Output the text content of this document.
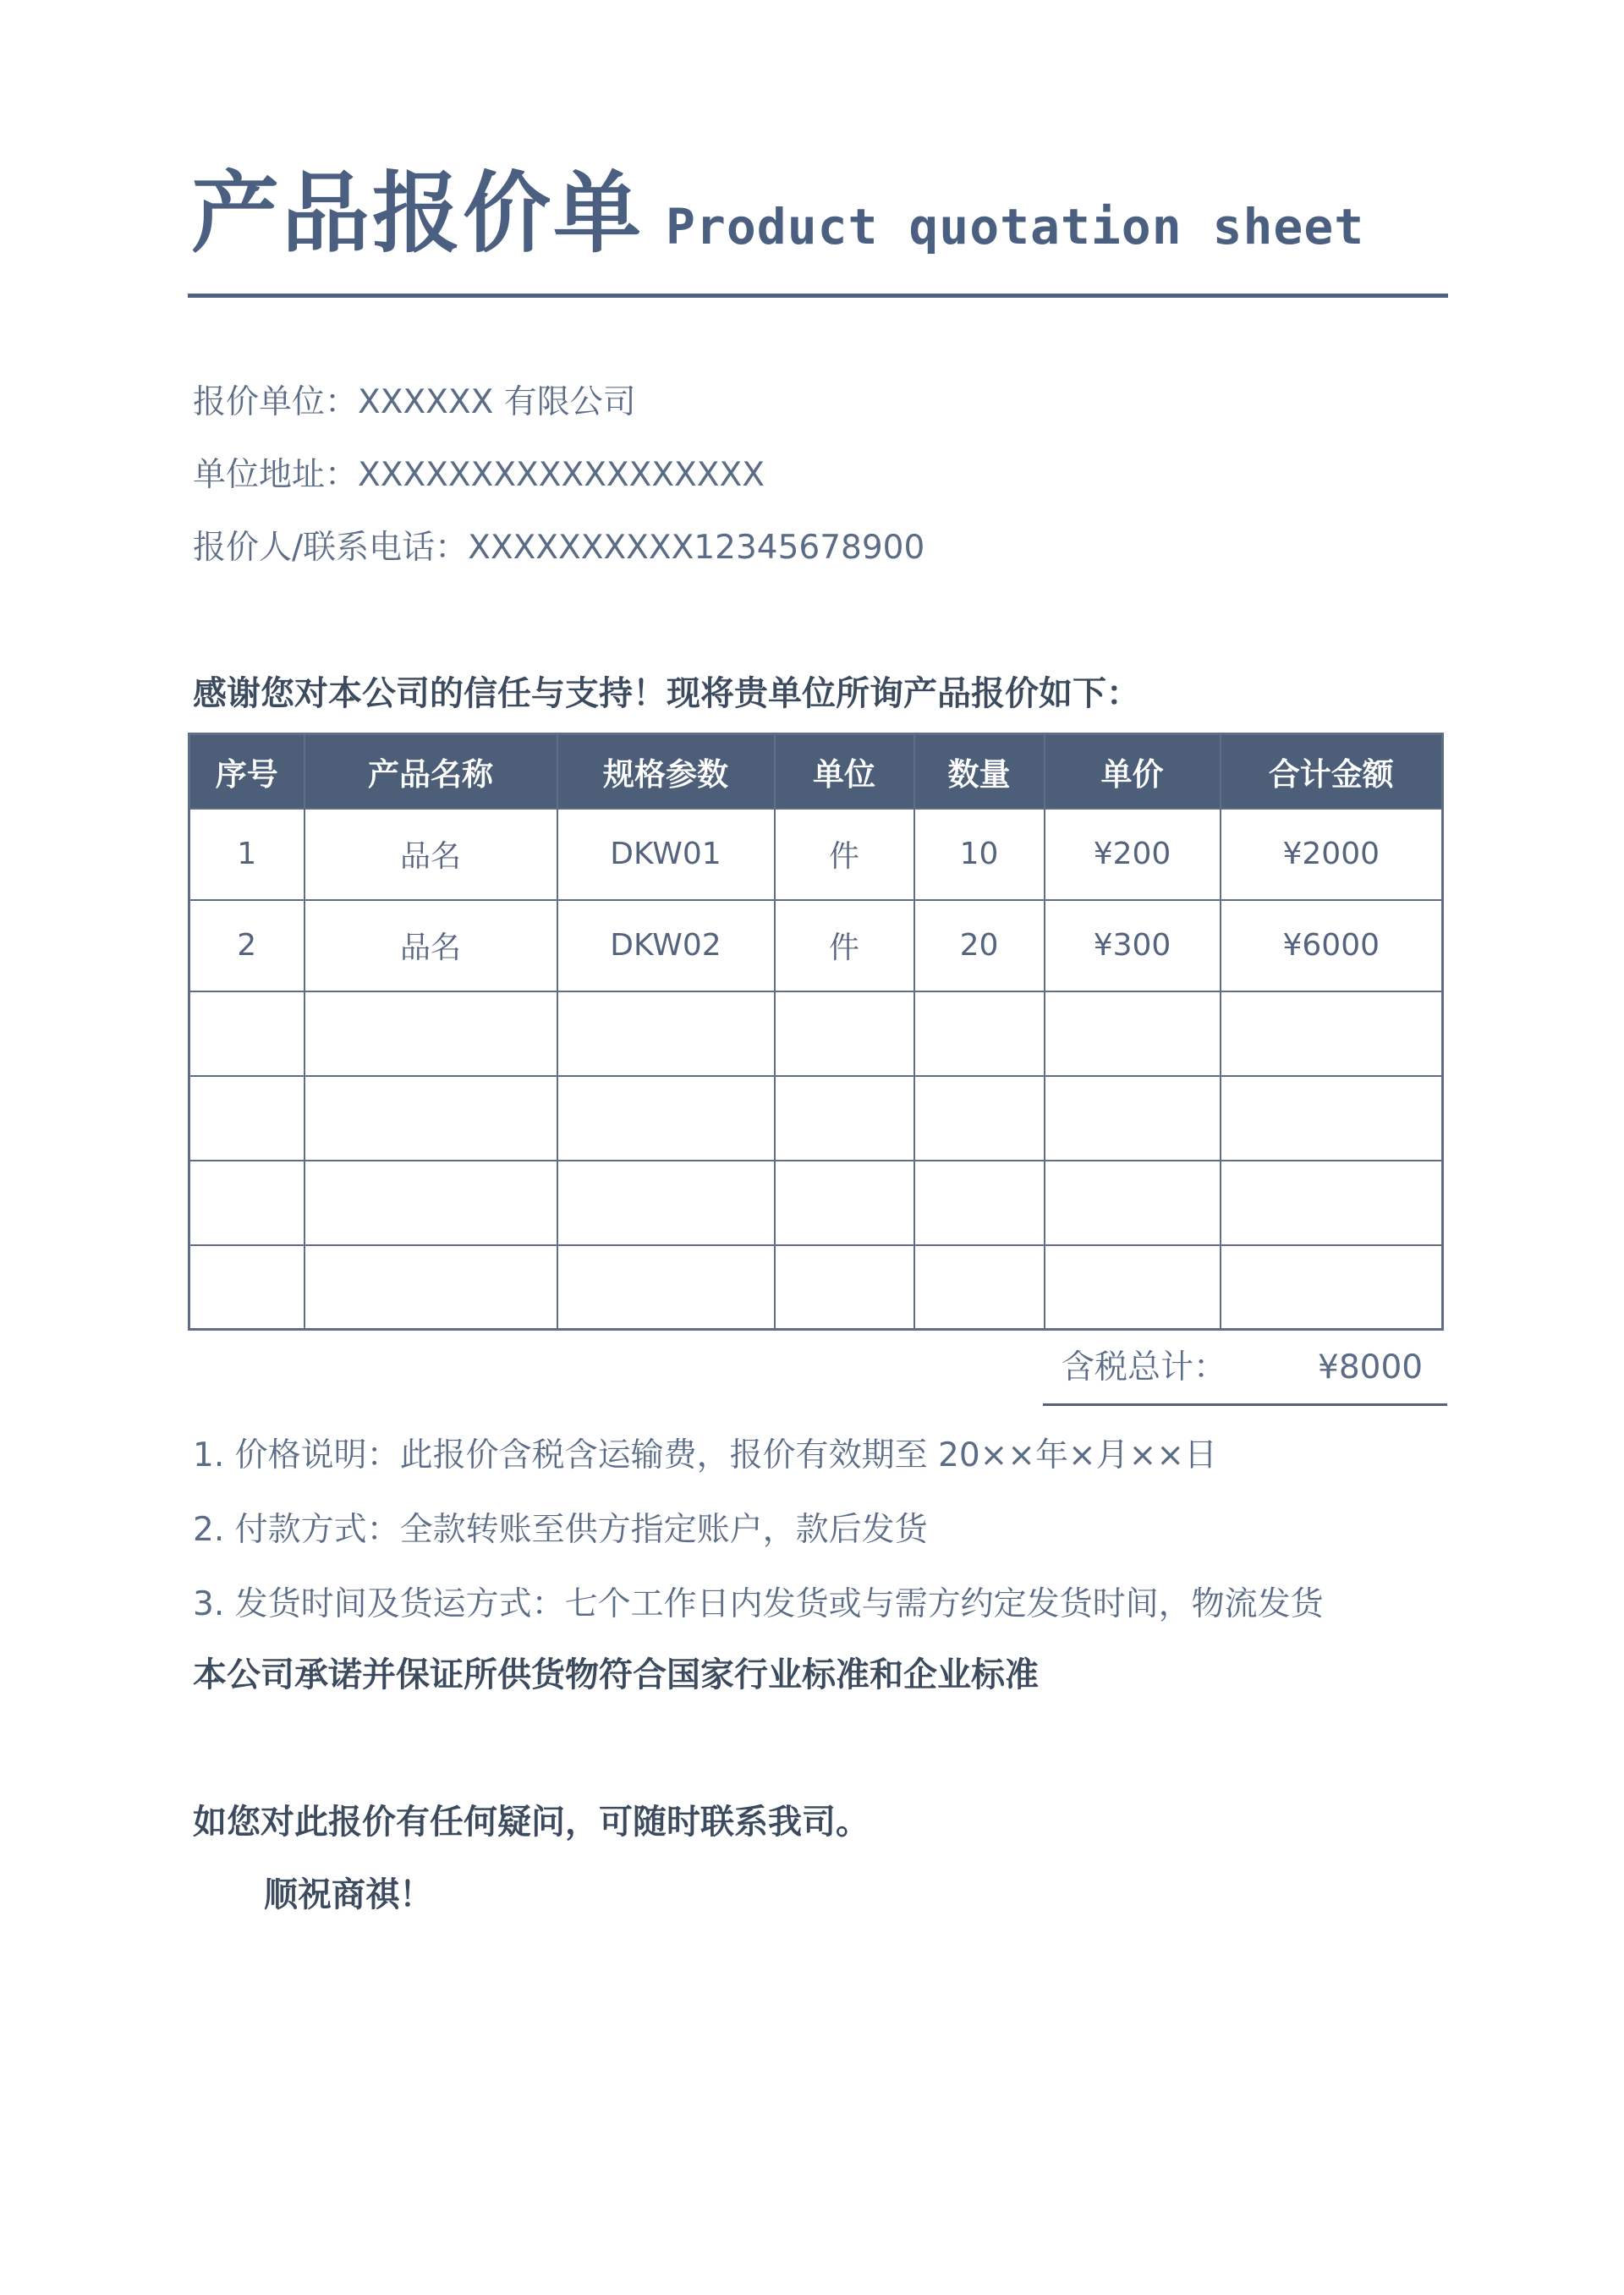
产品报价单 Product quotation sheet
报价单位：XXXXXX 有限公司
单位地址：XXXXXXXXXXXXXXXXXX
报价人/联系电话：XXXXXXXXXX12345678900
感谢您对本公司的信任与支持！现将贵单位所询产品报价如下：
序号	产品名称	规格参数	单位	数量	单价	合计金额
1	品名	DKW01	件	10	¥200	¥2000
2	品名	DKW02	件	20	¥300	¥6000

含税总计：	¥8000
1. 价格说明：此报价含税含运输费，报价有效期至 20××年×月××日
2. 付款方式：全款转账至供方指定账户，款后发货
3. 发货时间及货运方式：七个工作日内发货或与需方约定发货时间，物流发货
本公司承诺并保证所供货物符合国家行业标准和企业标准
如您对此报价有任何疑问，可随时联系我司。
顺祝商祺！
